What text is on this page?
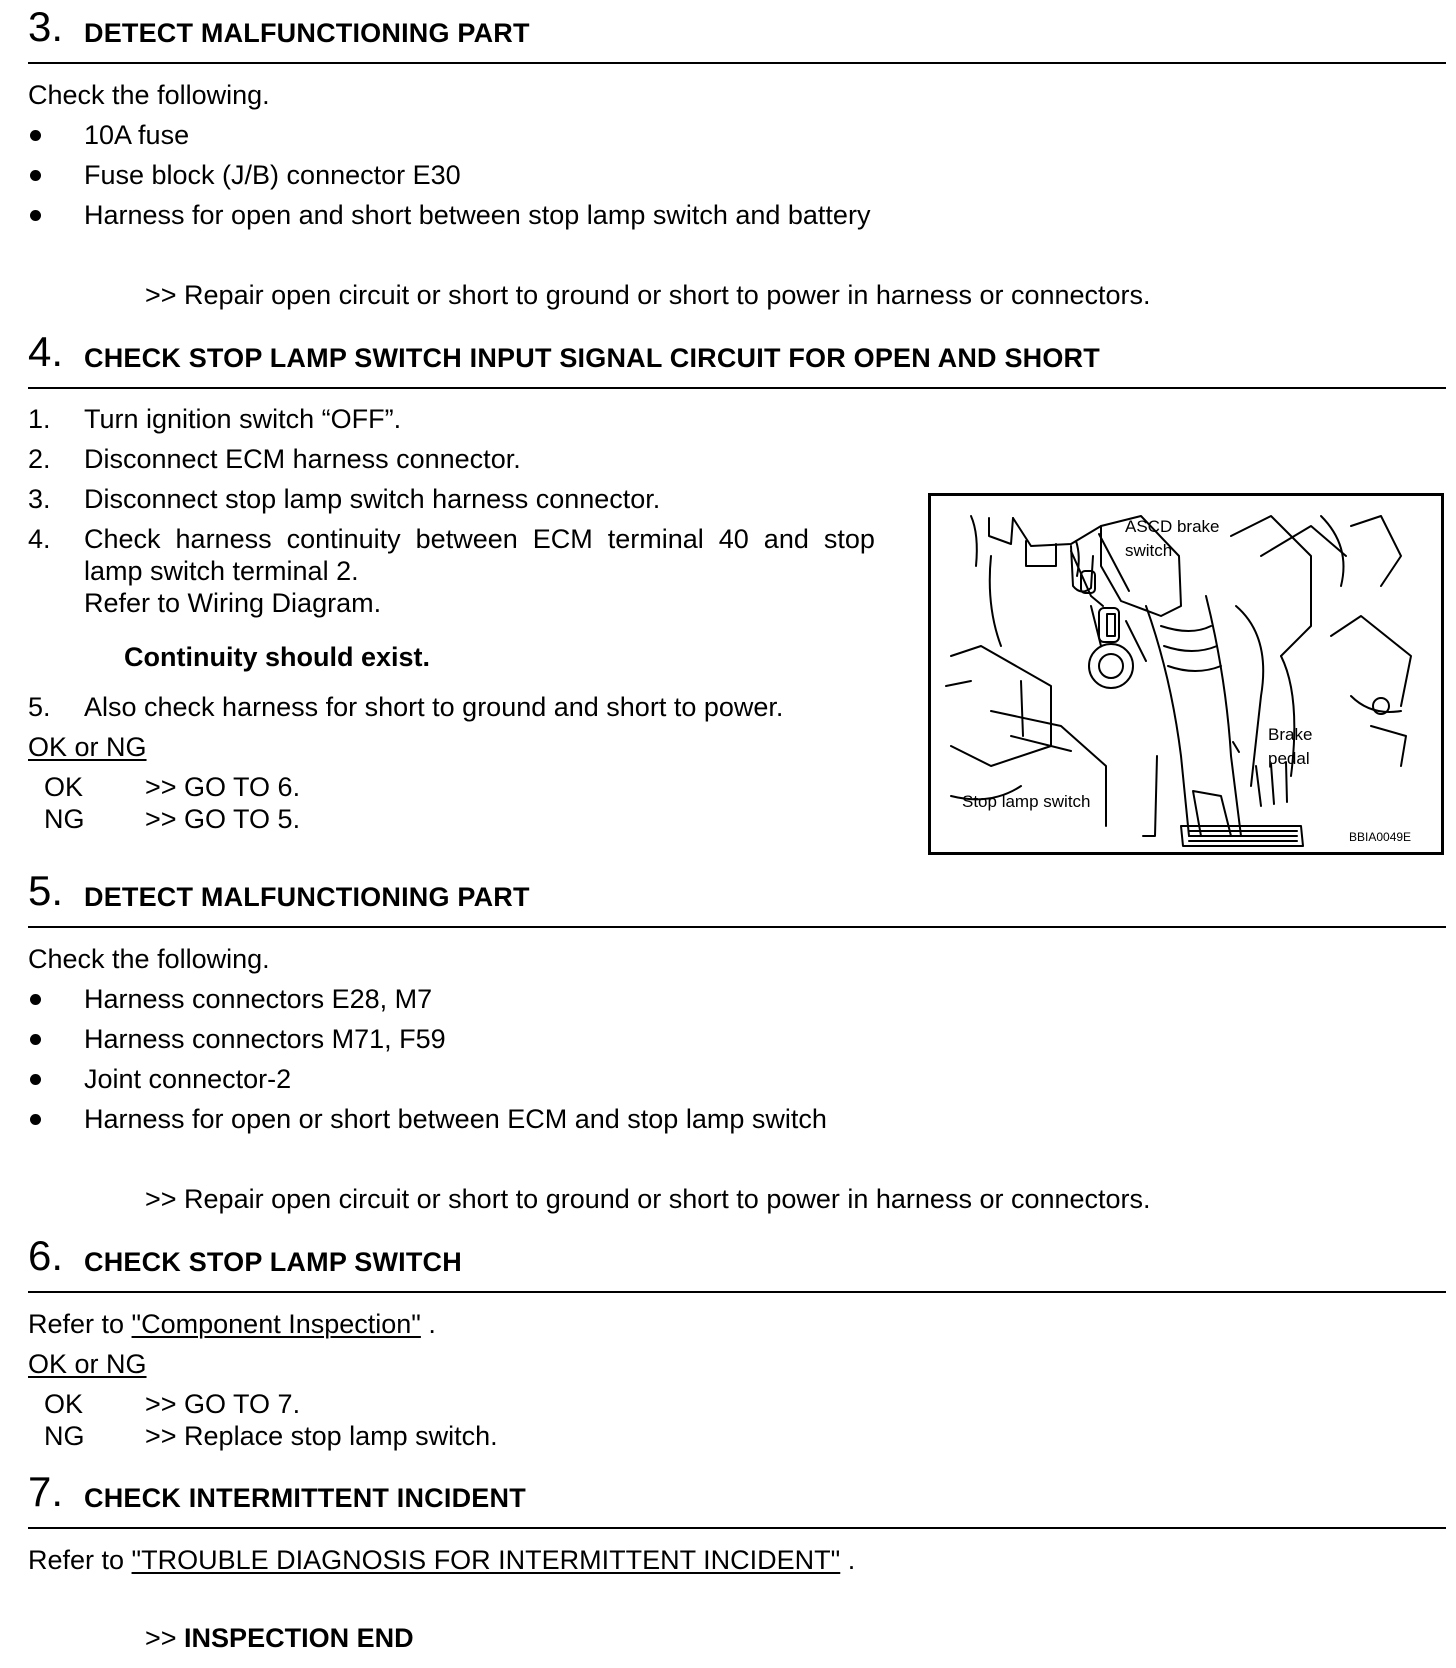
3. DETECT MALFUNCTIONING PART
Check the following.
10A fuse
Fuse block (J/B) connector E30
Harness for open and short between stop lamp switch and battery
>> Repair open circuit or short to ground or short to power in harness or connectors.
4. CHECK STOP LAMP SWITCH INPUT SIGNAL CIRCUIT FOR OPEN AND SHORT
1. Turn ignition switch “OFF”.
2. Disconnect ECM harness connector.
3. Disconnect stop lamp switch harness connector.
4. Check  harness  continuity  between  ECM  terminal  40  and  stop
lamp switch terminal 2.
Refer to Wiring Diagram.
Continuity should exist.
5. Also check harness for short to ground and short to power.
OK or NG
OK >> GO TO 6.
NG >> GO TO 5.
ASCD brake
switch
Brake
pedal
Stop lamp switch
BBIA0049E
5. DETECT MALFUNCTIONING PART
Check the following.
Harness connectors E28, M7
Harness connectors M71, F59
Joint connector-2
Harness for open or short between ECM and stop lamp switch
>> Repair open circuit or short to ground or short to power in harness or connectors.
6. CHECK STOP LAMP SWITCH
Refer to "Component Inspection" .
OK or NG
OK >> GO TO 7.
NG >> Replace stop lamp switch.
7. CHECK INTERMITTENT INCIDENT
Refer to "TROUBLE DIAGNOSIS FOR INTERMITTENT INCIDENT" .
>> INSPECTION END
